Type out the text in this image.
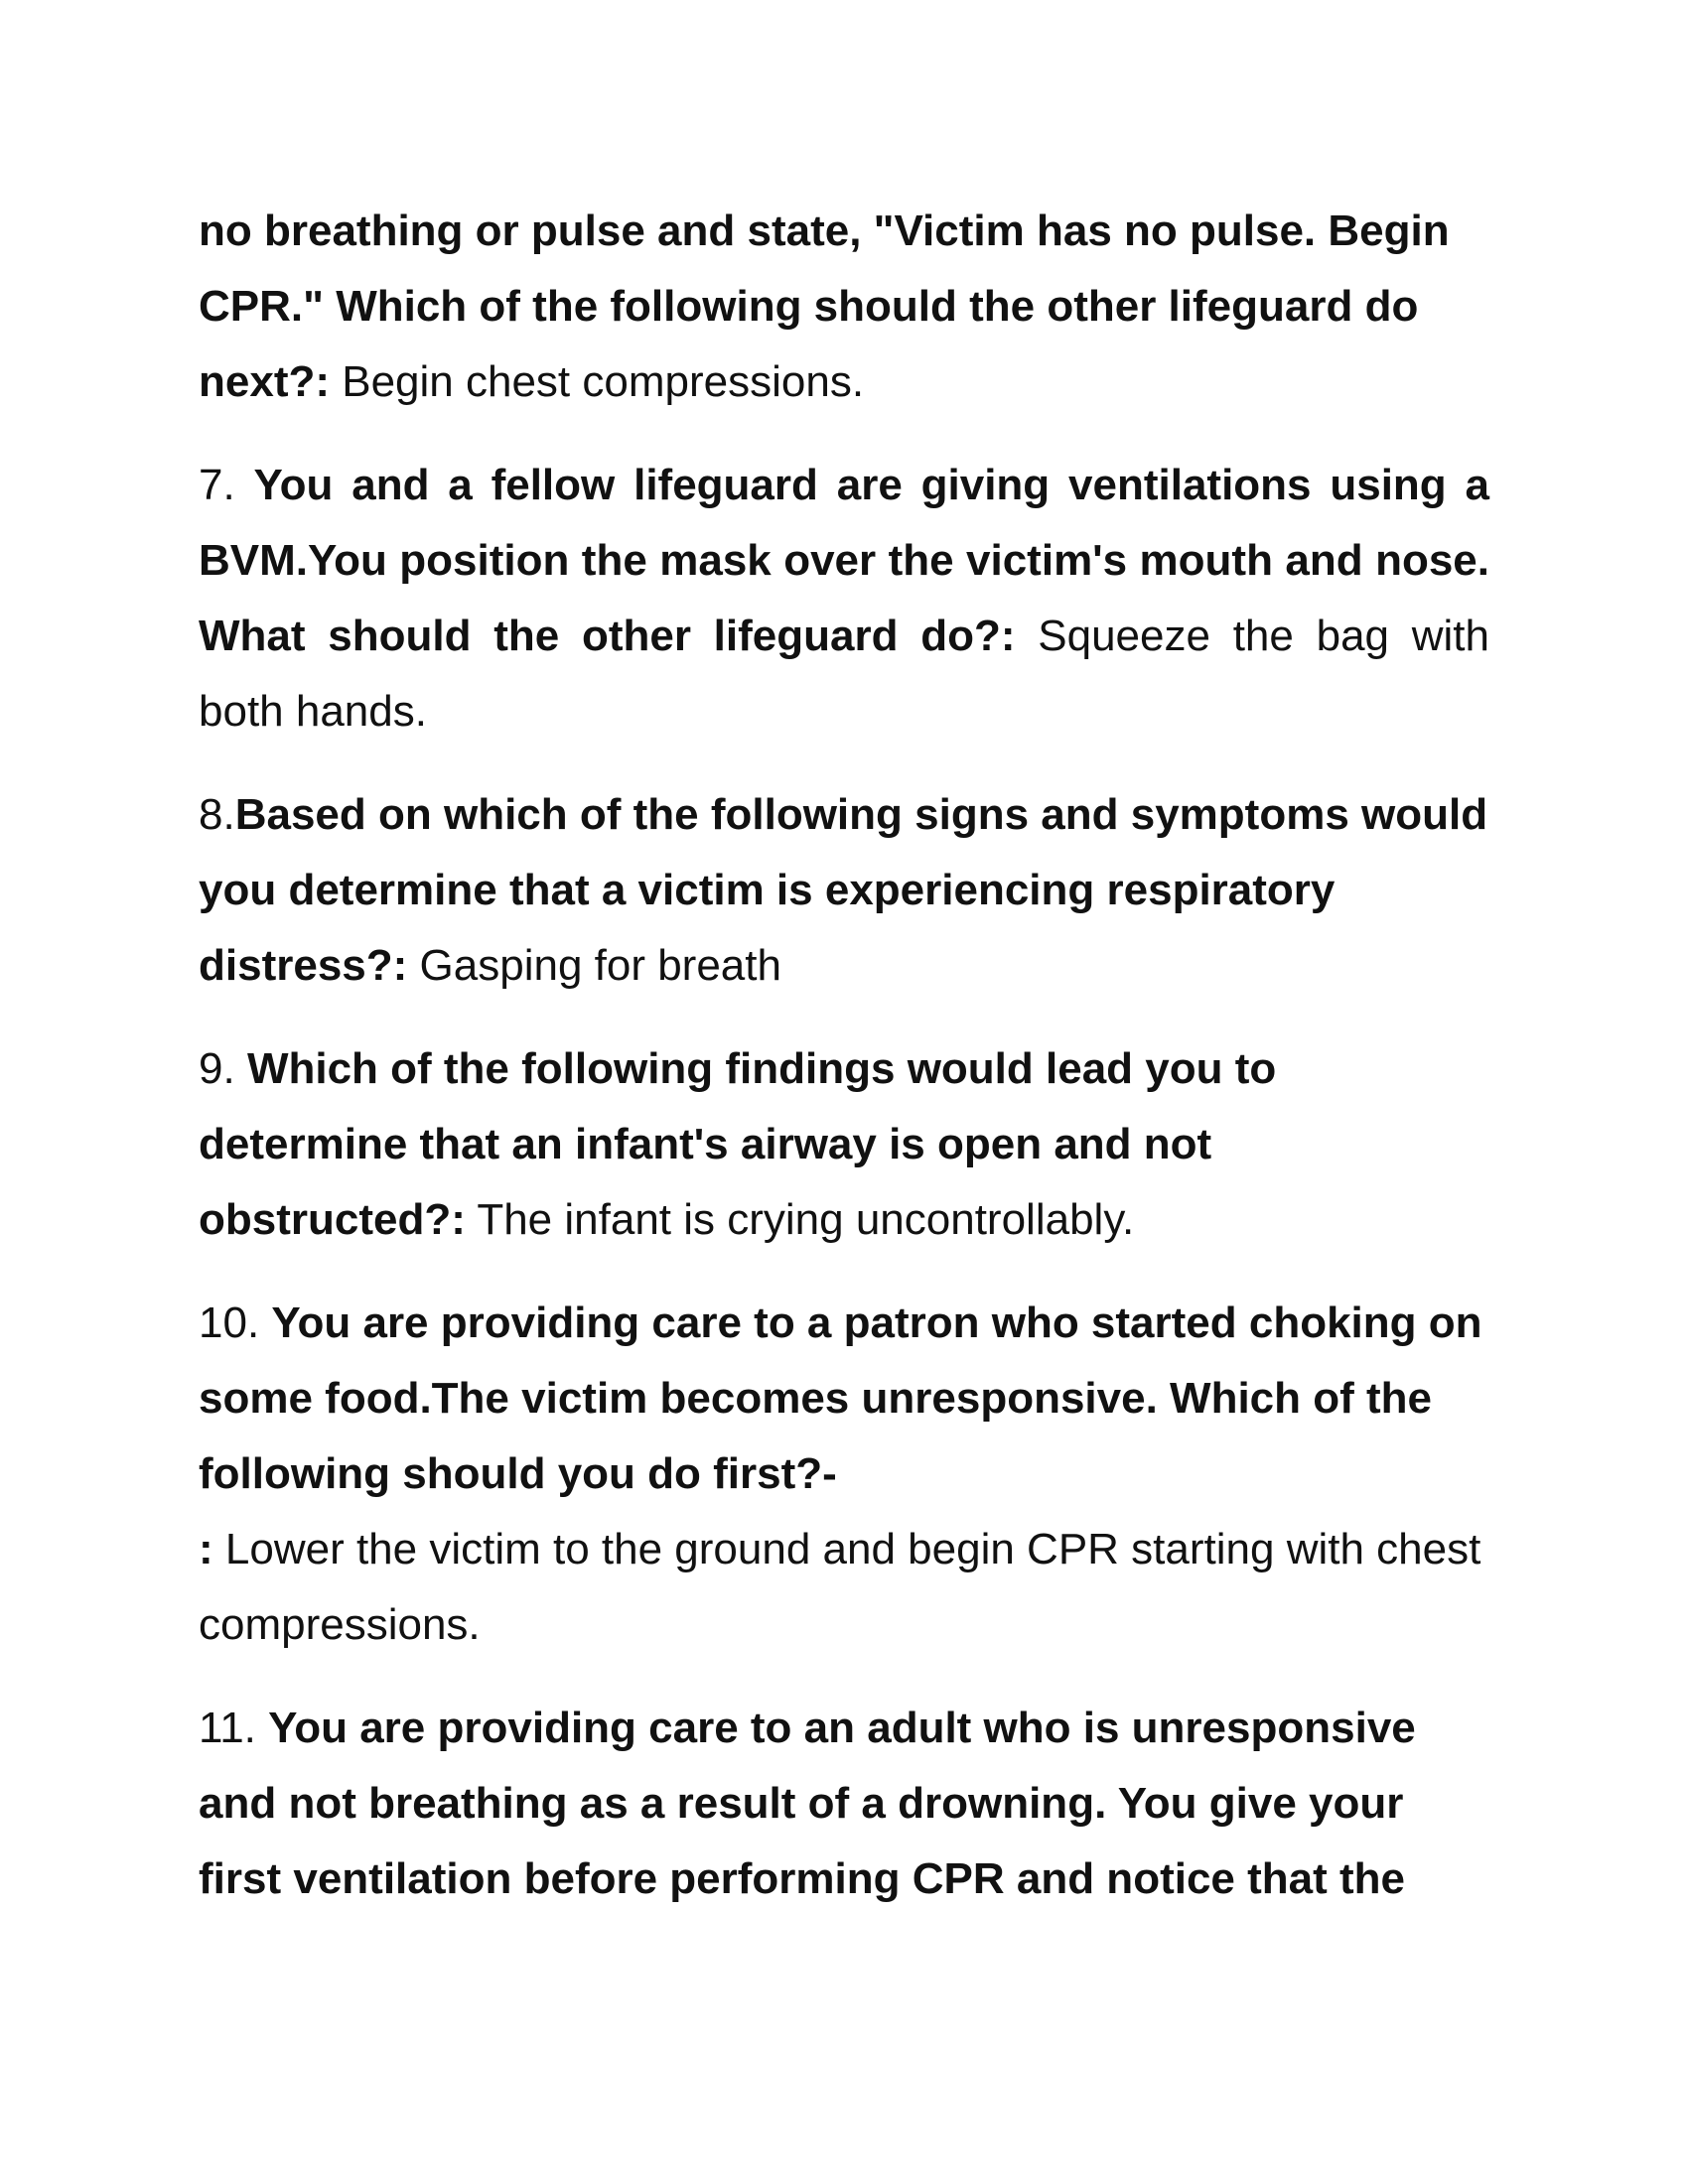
no breathing or pulse and state, "Victim has no pulse. Begin CPR." Which of the following should the other lifeguard do next?: Begin chest compressions.

7. You and a fellow lifeguard are giving ventilations using a BVM.You position the mask over the victim's mouth and nose. What should the other lifeguard do?: Squeeze the bag with both hands.

8.Based on which of the following signs and symptoms would you determine that a victim is experiencing respiratory distress?: Gasping for breath

9. Which of the following findings would lead you to determine that an infant's airway is open and not obstructed?: The infant is crying uncontrollably.

10. You are providing care to a patron who started choking on some food.The victim becomes unresponsive. Which of the following should you do first?-
: Lower the victim to the ground and begin CPR starting with chest compressions.

11. You are providing care to an adult who is unresponsive and not breathing as a result of a drowning. You give your first ventilation before performing CPR and notice that the
